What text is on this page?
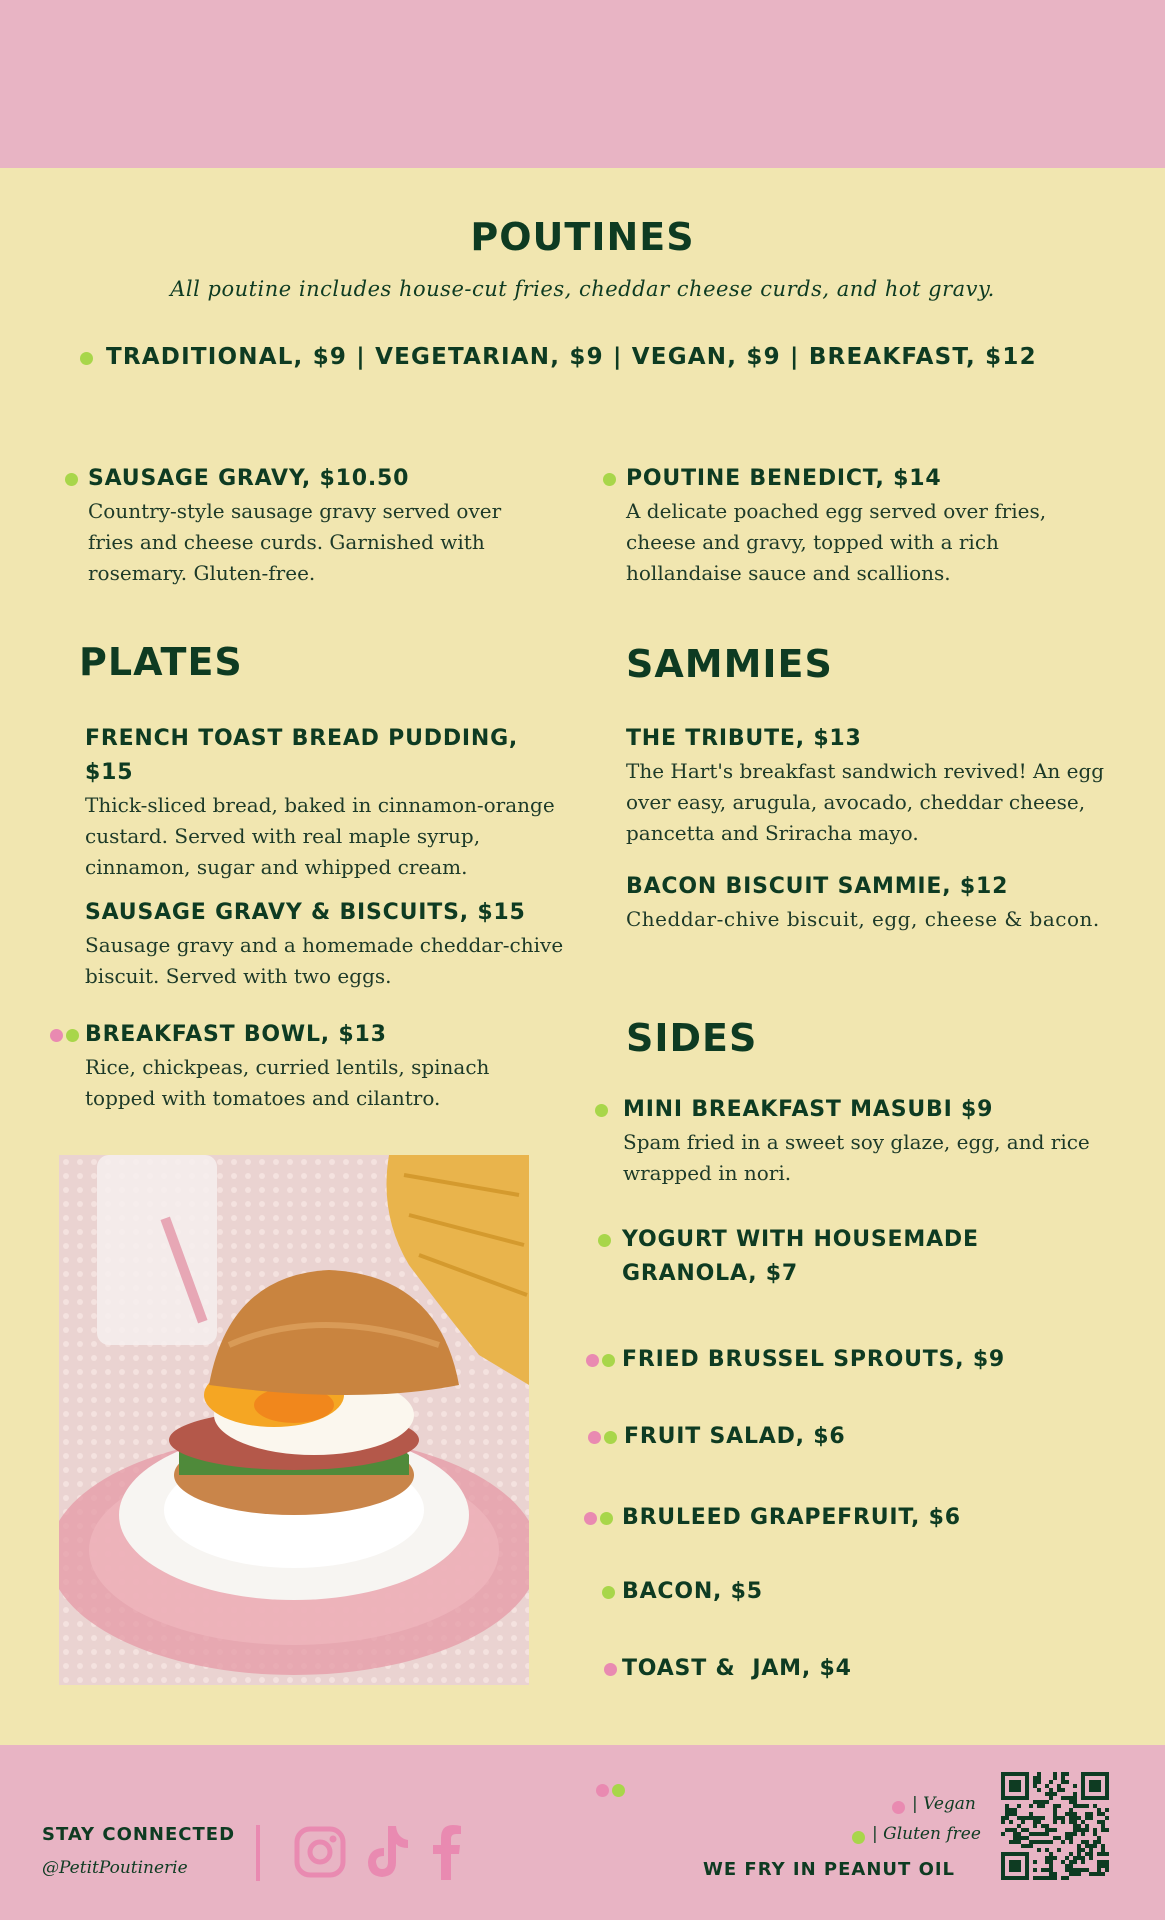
POUTINES
All poutine includes house-cut fries, cheddar cheese curds, and hot gravy.
TRADITIONAL, $9 | VEGETARIAN, $9 | VEGAN, $9 | BREAKFAST, $12
SAUSAGE GRAVY, $10.50
Country-style sausage gravy served over fries and cheese curds. Garnished with rosemary. Gluten-free.
POUTINE BENEDICT, $14
A delicate poached egg served over fries, cheese and gravy, topped with a rich hollandaise sauce and scallions.
PLATES
FRENCH TOAST BREAD PUDDING, $15
Thick-sliced bread, baked in cinnamon-orange custard. Served with real maple syrup, cinnamon, sugar and whipped cream.
SAUSAGE GRAVY & BISCUITS, $15
Sausage gravy and a homemade cheddar-chive biscuit. Served with two eggs.
BREAKFAST BOWL, $13
Rice, chickpeas, curried lentils, spinach topped with tomatoes and cilantro.
SAMMIES
THE TRIBUTE, $13
The Hart's breakfast sandwich revived! An egg over easy, arugula, avocado, cheddar cheese, pancetta and Sriracha mayo.
BACON BISCUIT SAMMIE, $12
Cheddar-chive biscuit, egg, cheese & bacon.
SIDES
MINI BREAKFAST MASUBI $9
Spam fried in a sweet soy glaze, egg, and rice wrapped in nori.
YOGURT WITH HOUSEMADE GRANOLA, $7
FRIED BRUSSEL SPROUTS, $9
FRUIT SALAD, $6
BRULEED GRAPEFRUIT, $6
BACON, $5
TOAST &  JAM, $4
STAY CONNECTED
@PetitPoutinerie
| Vegan
| Gluten free
WE FRY IN PEANUT OIL
